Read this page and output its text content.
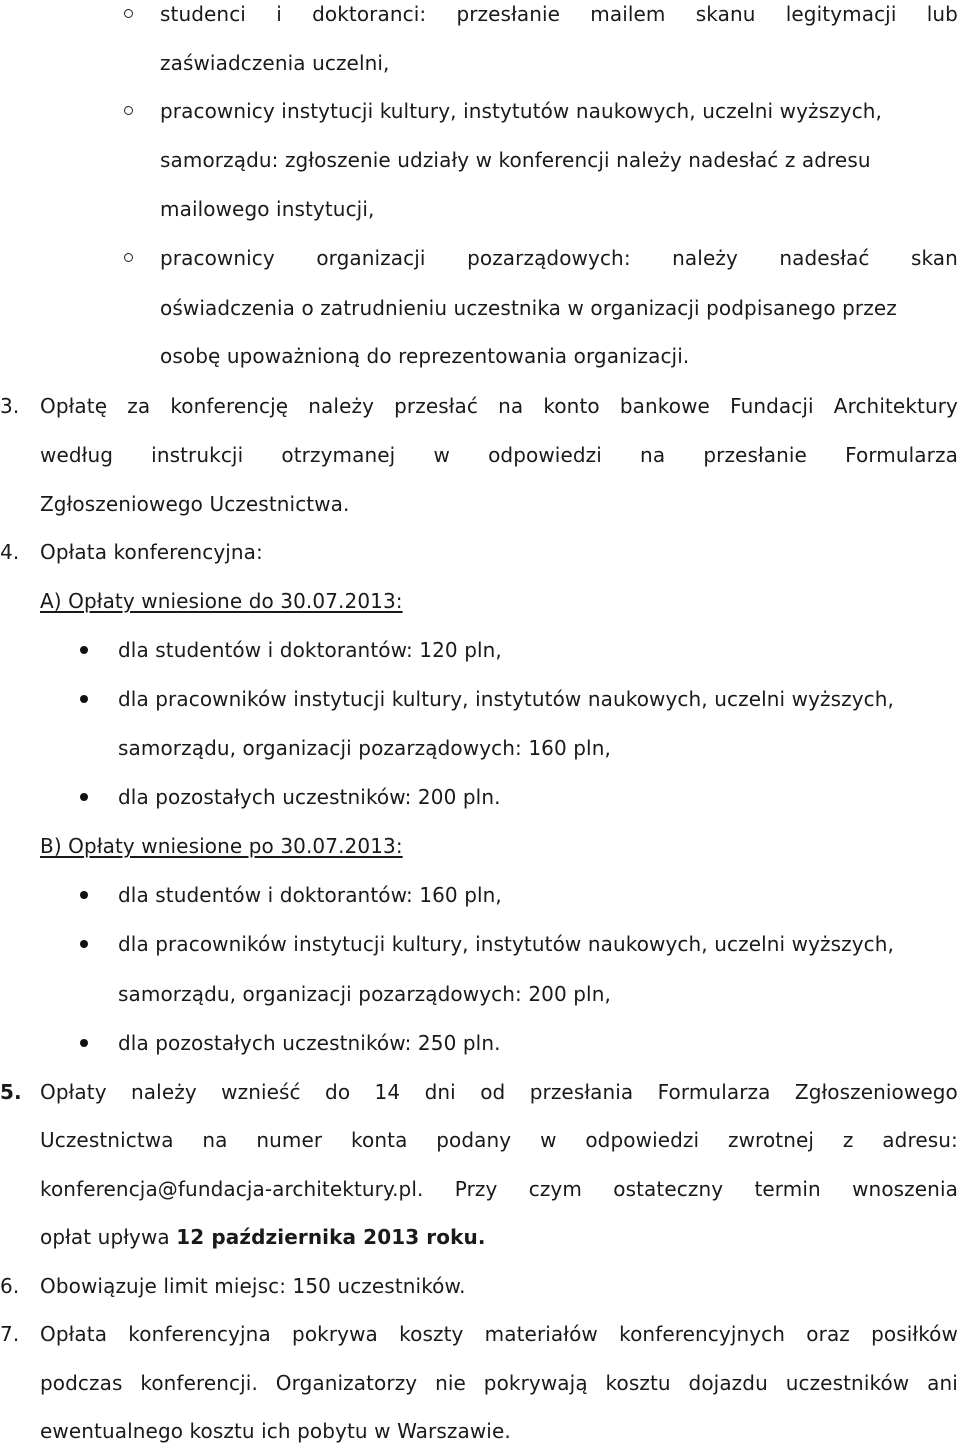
studenci i doktoranci: przesłanie mailem skanu legitymacji lub
zaświadczenia uczelni,
pracownicy instytucji kultury, instytutów naukowych, uczelni wyższych,
samorządu: zgłoszenie udziały w konferencji należy nadesłać z adresu
mailowego instytucji,
pracownicy organizacji pozarządowych: należy nadesłać skan
oświadczenia o zatrudnieniu uczestnika w organizacji podpisanego przez
osobę upoważnioną do reprezentowania organizacji.
3. Opłatę za konferencję należy przesłać na konto bankowe Fundacji Architektury
według instrukcji otrzymanej w odpowiedzi na przesłanie Formularza
Zgłoszeniowego Uczestnictwa.
4. Opłata konferencyjna:
A) Opłaty wniesione do 30.07.2013:
dla studentów i doktorantów: 120 pln,
dla pracowników instytucji kultury, instytutów naukowych, uczelni wyższych,
samorządu, organizacji pozarządowych: 160 pln,
dla pozostałych uczestników: 200 pln.
B) Opłaty wniesione po 30.07.2013:
dla studentów i doktorantów: 160 pln,
dla pracowników instytucji kultury, instytutów naukowych, uczelni wyższych,
samorządu, organizacji pozarządowych: 200 pln,
dla pozostałych uczestników: 250 pln.
5. Opłaty należy wznieść do 14 dni od przesłania Formularza Zgłoszeniowego
Uczestnictwa na numer konta podany w odpowiedzi zwrotnej z adresu:
konferencja@fundacja-architektury.pl. Przy czym ostateczny termin wnoszenia
opłat upływa 12 października 2013 roku.
6. Obowiązuje limit miejsc: 150 uczestników.
7. Opłata konferencyjna pokrywa koszty materiałów konferencyjnych oraz posiłków
podczas konferencji. Organizatorzy nie pokrywają kosztu dojazdu uczestników ani
ewentualnego kosztu ich pobytu w Warszawie.
